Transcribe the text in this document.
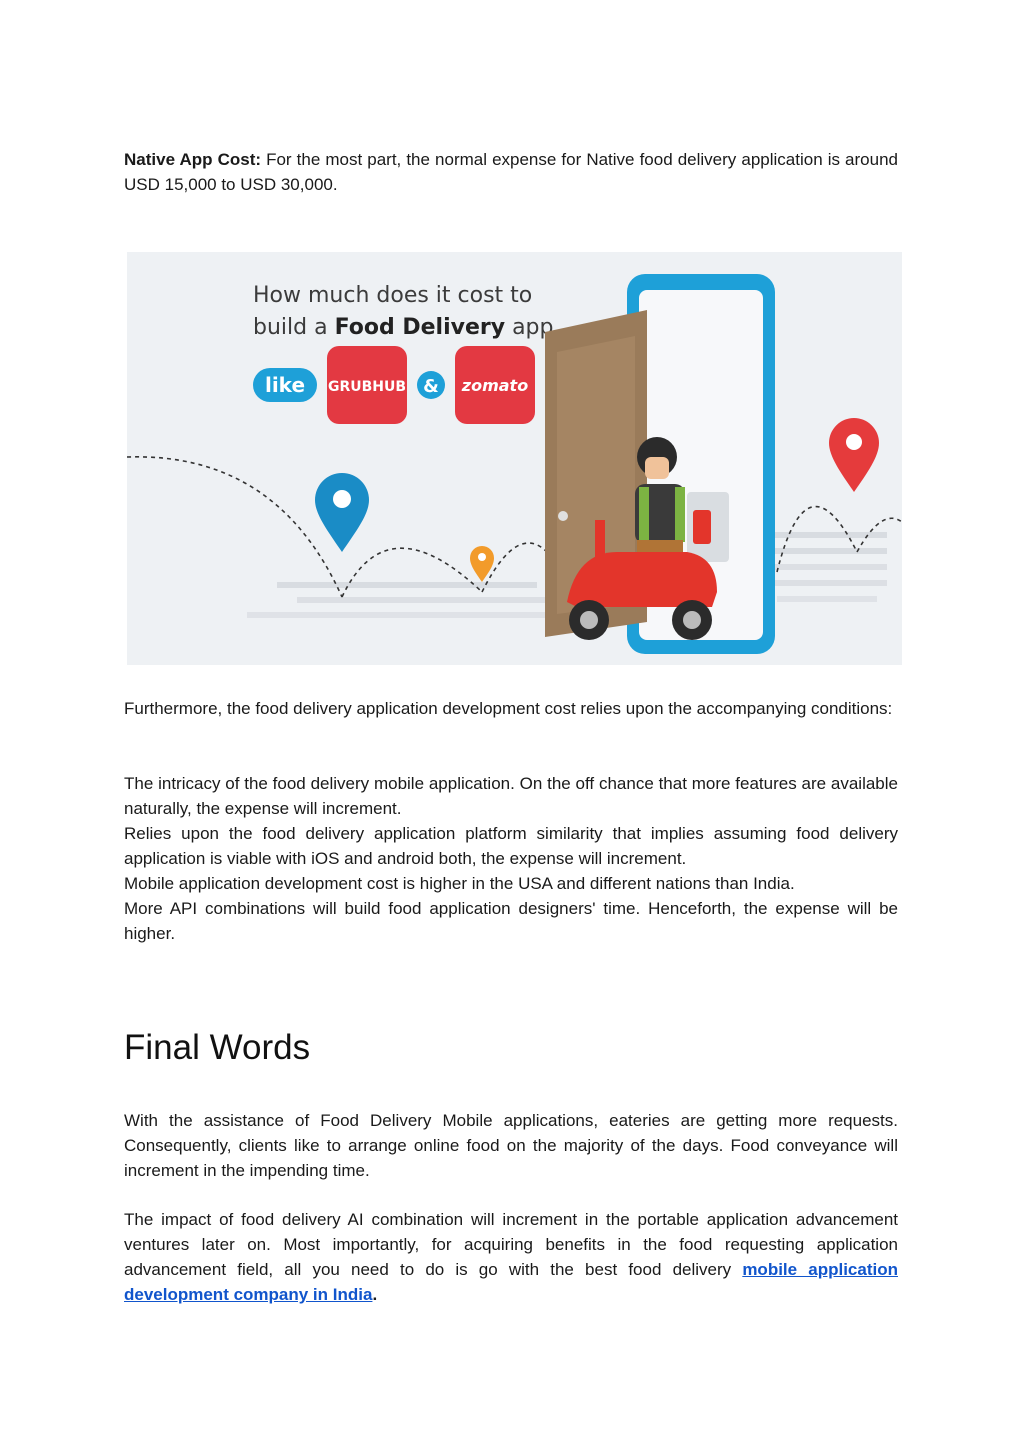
Native App Cost: For the most part, the normal expense for Native food delivery application is around USD 15,000 to USD 30,000.

How much does it cost to
build a Food Delivery app
like GRUBHUB & zomato

Furthermore, the food delivery application development cost relies upon the accompanying conditions:

The intricacy of the food delivery mobile application. On the off chance that more features are available naturally, the expense will increment.

Relies upon the food delivery application platform similarity that implies assuming food delivery application is viable with iOS and android both, the expense will increment.

Mobile application development cost is higher in the USA and different nations than India.

More API combinations will build food application designers' time. Henceforth, the expense will be higher.

Final Words

With the assistance of Food Delivery Mobile applications, eateries are getting more requests. Consequently, clients like to arrange online food on the majority of the days. Food conveyance will increment in the impending time.

The impact of food delivery AI combination will increment in the portable application advancement ventures later on. Most importantly, for acquiring benefits in the food requesting application advancement field, all you need to do is go with the best food delivery mobile application development company in India.
